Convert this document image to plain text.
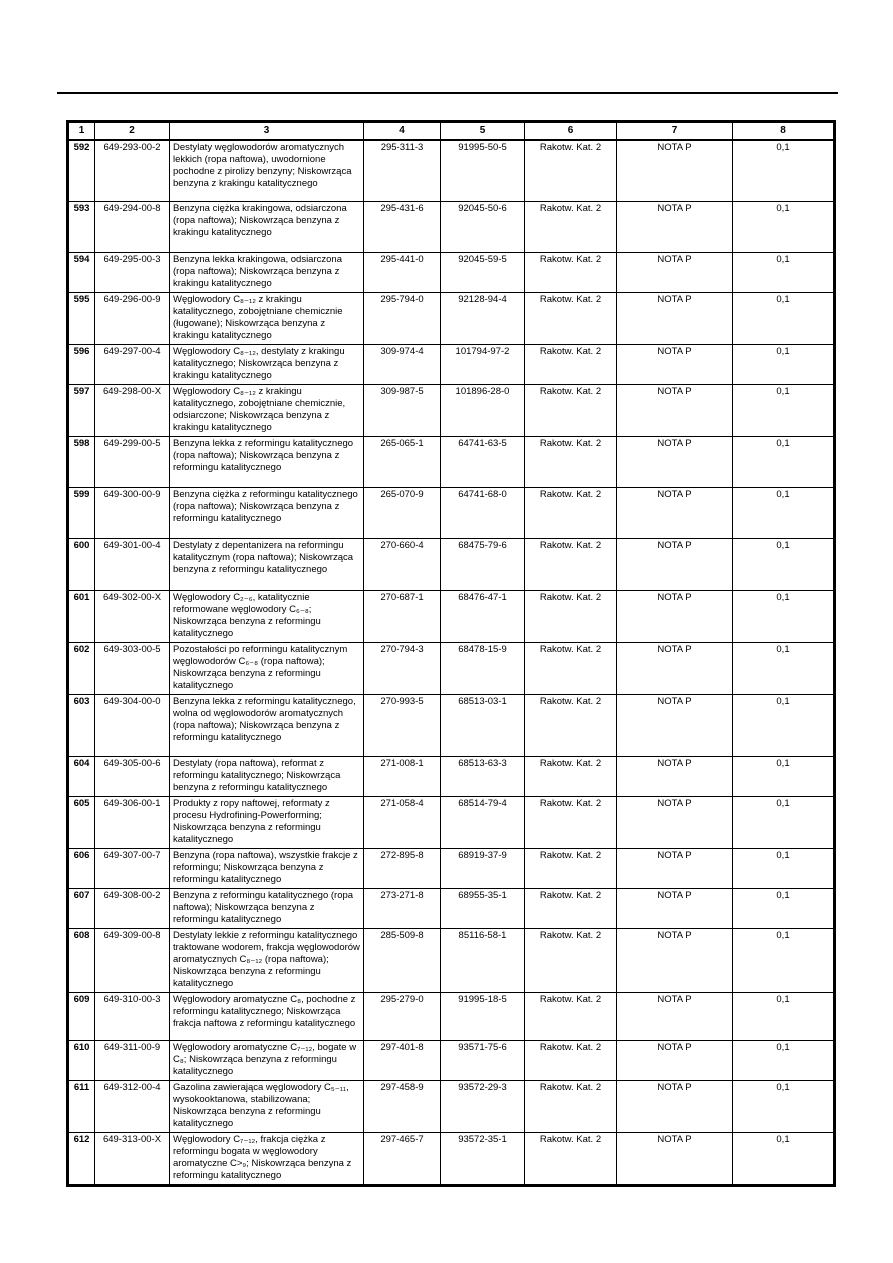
1	2	3	4	5	6	7	8
592	649-293-00-2	Destylaty węglowodorów aromatycznych lekkich (ropa naftowa), uwodornione pochodne z pirolizy benzyny; Niskowrząca benzyna z krakingu katalitycznego	295-311-3	91995-50-5	Rakotw. Kat. 2	NOTA P	0,1
593	649-294-00-8	Benzyna ciężka krakingowa, odsiarczona (ropa naftowa); Niskowrząca benzyna z krakingu katalitycznego	295-431-6	92045-50-6	Rakotw. Kat. 2	NOTA P	0,1
594	649-295-00-3	Benzyna lekka krakingowa, odsiarczona (ropa naftowa); Niskowrząca benzyna z krakingu katalitycznego	295-441-0	92045-59-5	Rakotw. Kat. 2	NOTA P	0,1
595	649-296-00-9	Węglowodory C₈₋₁₂ z krakingu katalitycznego, zobojętniane chemicznie (ługowane); Niskowrząca benzyna z krakingu katalitycznego	295-794-0	92128-94-4	Rakotw. Kat. 2	NOTA P	0,1
596	649-297-00-4	Węglowodory C₈₋₁₂, destylaty z krakingu katalitycznego; Niskowrząca benzyna z krakingu katalitycznego	309-974-4	101794-97-2	Rakotw. Kat. 2	NOTA P	0,1
597	649-298-00-X	Węglowodory C₈₋₁₂ z krakingu katalitycznego, zobojętniane chemicznie, odsiarczone; Niskowrząca benzyna z krakingu katalitycznego	309-987-5	101896-28-0	Rakotw. Kat. 2	NOTA P	0,1
598	649-299-00-5	Benzyna lekka z reformingu katalitycznego (ropa naftowa); Niskowrząca benzyna z reformingu katalitycznego	265-065-1	64741-63-5	Rakotw. Kat. 2	NOTA P	0,1
599	649-300-00-9	Benzyna ciężka z reformingu katalitycznego (ropa naftowa); Niskowrząca benzyna z reformingu katalitycznego	265-070-9	64741-68-0	Rakotw. Kat. 2	NOTA P	0,1
600	649-301-00-4	Destylaty z depentanizera na reformingu katalitycznym (ropa naftowa); Niskowrząca benzyna z reformingu katalitycznego	270-660-4	68475-79-6	Rakotw. Kat. 2	NOTA P	0,1
601	649-302-00-X	Węglowodory C₂₋₆, katalitycznie reformowane węglowodory C₆₋₈; Niskowrząca benzyna z reformingu katalitycznego	270-687-1	68476-47-1	Rakotw. Kat. 2	NOTA P	0,1
602	649-303-00-5	Pozostałości po reformingu katalitycznym węglowodorów C₆₋₈ (ropa naftowa); Niskowrząca benzyna z reformingu katalitycznego	270-794-3	68478-15-9	Rakotw. Kat. 2	NOTA P	0,1
603	649-304-00-0	Benzyna lekka z reformingu katalitycznego, wolna od węglowodorów aromatycznych (ropa naftowa); Niskowrząca benzyna z reformingu katalitycznego	270-993-5	68513-03-1	Rakotw. Kat. 2	NOTA P	0,1
604	649-305-00-6	Destylaty (ropa naftowa), reformat z reformingu katalitycznego; Niskowrząca benzyna z reformingu katalitycznego	271-008-1	68513-63-3	Rakotw. Kat. 2	NOTA P	0,1
605	649-306-00-1	Produkty z ropy naftowej, reformaty z procesu Hydrofining-Powerforming; Niskowrząca benzyna z reformingu katalitycznego	271-058-4	68514-79-4	Rakotw. Kat. 2	NOTA P	0,1
606	649-307-00-7	Benzyna (ropa naftowa), wszystkie frakcje z reformingu; Niskowrząca benzyna z reformingu katalitycznego	272-895-8	68919-37-9	Rakotw. Kat. 2	NOTA P	0,1
607	649-308-00-2	Benzyna z reformingu katalitycznego (ropa naftowa); Niskowrząca benzyna z reformingu katalitycznego	273-271-8	68955-35-1	Rakotw. Kat. 2	NOTA P	0,1
608	649-309-00-8	Destylaty lekkie z reformingu katalitycznego traktowane wodorem, frakcja węglowodorów aromatycznych C₈₋₁₂ (ropa naftowa); Niskowrząca benzyna z reformingu katalitycznego	285-509-8	85116-58-1	Rakotw. Kat. 2	NOTA P	0,1
609	649-310-00-3	Węglowodory aromatyczne C₈, pochodne z reformingu katalitycznego; Niskowrząca frakcja naftowa z reformingu katalitycznego	295-279-0	91995-18-5	Rakotw. Kat. 2	NOTA P	0,1
610	649-311-00-9	Węglowodory aromatyczne C₇₋₁₂, bogate w C₈; Niskowrząca benzyna z reformingu katalitycznego	297-401-8	93571-75-6	Rakotw. Kat. 2	NOTA P	0,1
611	649-312-00-4	Gazolina zawierająca węglowodory C₅₋₁₁, wysokooktanowa, stabilizowana; Niskowrząca benzyna z reformingu katalitycznego	297-458-9	93572-29-3	Rakotw. Kat. 2	NOTA P	0,1
612	649-313-00-X	Węglowodory C₇₋₁₂, frakcja ciężka z reformingu bogata w węglowodory aromatyczne C>₉; Niskowrząca benzyna z reformingu katalitycznego	297-465-7	93572-35-1	Rakotw. Kat. 2	NOTA P	0,1
